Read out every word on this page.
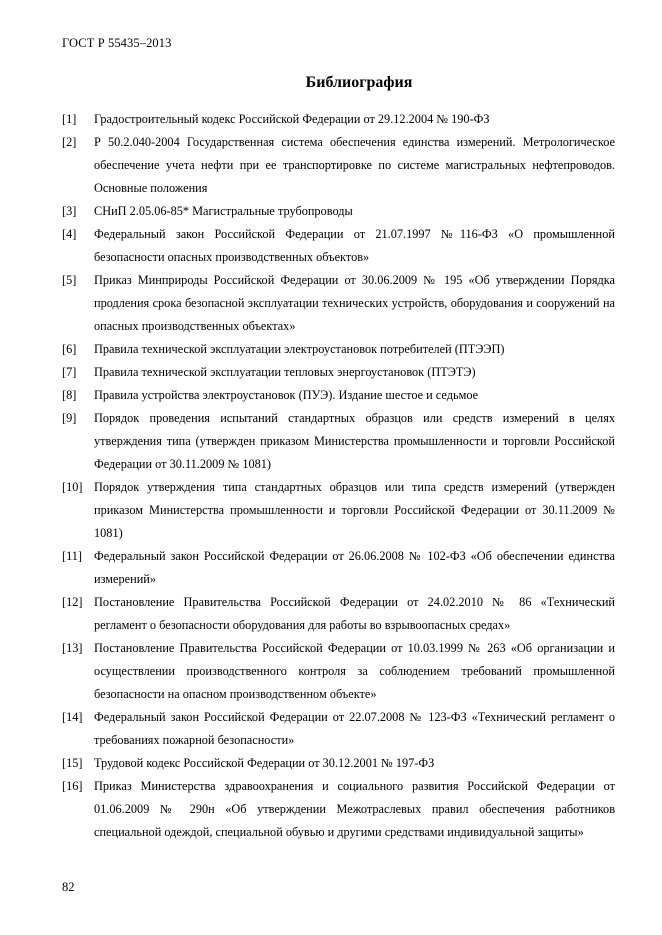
ГОСТ Р 55435–2013
Библиография
[1]	Градостроительный кодекс Российской Федерации от 29.12.2004 № 190-ФЗ
[2]	Р 50.2.040-2004 Государственная система обеспечения единства измерений. Метрологическое обеспечение учета нефти при ее транспортировке по системе магистральных нефтепроводов. Основные положения
[3]	СНиП 2.05.06-85* Магистральные трубопроводы
[4]	Федеральный закон Российской Федерации от 21.07.1997 №116-ФЗ «О промышленной безопасности опасных производственных объектов»
[5]	Приказ Минприроды Российской Федерации от 30.06.2009 № 195 «Об утверждении Порядка продления срока безопасной эксплуатации технических устройств, оборудования и сооружений на опасных производственных объектах»
[6]	Правила технической эксплуатации электроустановок потребителей (ПТЭЭП)
[7]	Правила технической эксплуатации тепловых энергоустановок (ПТЭТЭ)
[8]	Правила устройства электроустановок (ПУЭ). Издание шестое и седьмое
[9]	Порядок проведения испытаний стандартных образцов или средств измерений в целях утверждения типа (утвержден приказом Министерства промышленности и торговли Российской Федерации от 30.11.2009 № 1081)
[10] Порядок утверждения типа стандартных образцов или типа средств измерений (утвержден приказом Министерства промышленности и торговли Российской Федерации от 30.11.2009 № 1081)
[11] Федеральный закон Российской Федерации от 26.06.2008 № 102-ФЗ «Об обеспечении единства измерений»
[12] Постановление Правительства Российской Федерации от 24.02.2010 № 86 «Технический регламент о безопасности оборудования для работы во взрывоопасных средах»
[13] Постановление Правительства Российской Федерации от 10.03.1999 № 263 «Об организации и осуществлении производственного контроля за соблюдением требований промышленной безопасности на опасном производственном объекте»
[14] Федеральный закон Российской Федерации от 22.07.2008 № 123-ФЗ «Технический регламент о требованиях пожарной безопасности»
[15] Трудовой кодекс Российской Федерации от 30.12.2001 № 197-ФЗ
[16] Приказ Министерства здравоохранения и социального развития Российской Федерации от 01.06.2009 № 290н «Об утверждении Межотраслевых правил обеспечения работников специальной одеждой, специальной обувью и другими средствами индивидуальной защиты»
82
